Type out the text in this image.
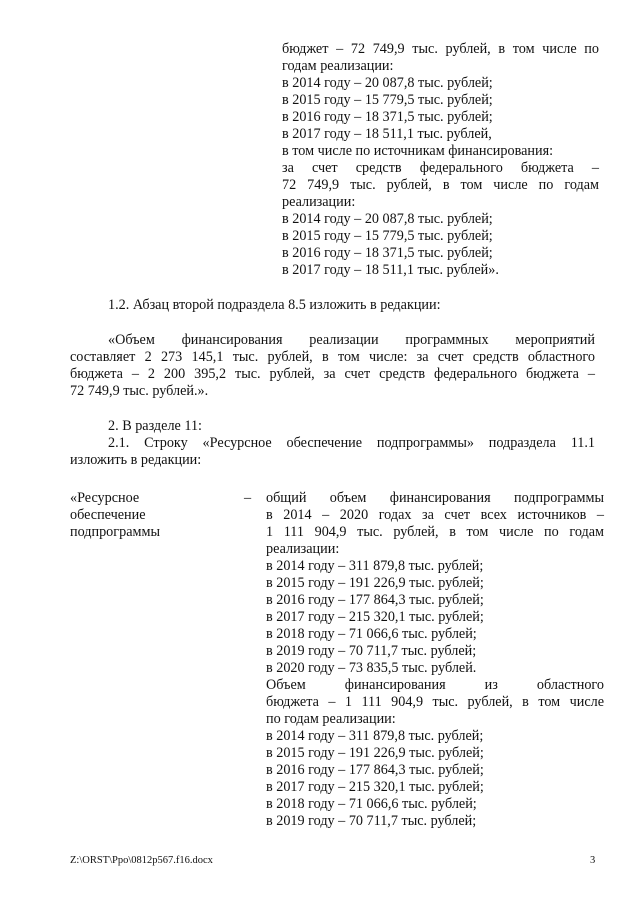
бюджет – 72 749,9 тыс. рублей, в том числе по
годам реализации:
в 2014 году – 20 087,8 тыс. рублей;
в 2015 году – 15 779,5 тыс. рублей;
в 2016 году – 18 371,5 тыс. рублей;
в 2017 году – 18 511,1 тыс. рублей,
в том числе по источникам финансирования:
за счет средств федерального бюджета –
72 749,9 тыс. рублей, в том числе по годам
реализации:
в 2014 году – 20 087,8 тыс. рублей;
в 2015 году – 15 779,5 тыс. рублей;
в 2016 году – 18 371,5 тыс. рублей;
в 2017 году – 18 511,1 тыс. рублей».
1.2. Абзац второй подраздела 8.5 изложить в редакции:
«Объем финансирования реализации программных мероприятий
составляет 2 273 145,1 тыс. рублей, в том числе: за счет средств областного
бюджета – 2 200 395,2 тыс. рублей, за счет средств федерального бюджета –
72 749,9 тыс. рублей.».
2. В разделе 11:
2.1. Строку «Ресурсное обеспечение подпрограммы» подраздела 11.1
изложить в редакции:
«Ресурсное
обеспечение
подпрограммы
– общий объем финансирования подпрограммы
в 2014 – 2020 годах за счет всех источников –
1 111 904,9 тыс. рублей, в том числе по годам
реализации:
в 2014 году – 311 879,8 тыс. рублей;
в 2015 году – 191 226,9 тыс. рублей;
в 2016 году – 177 864,3 тыс. рублей;
в 2017 году – 215 320,1 тыс. рублей;
в 2018 году – 71 066,6 тыс. рублей;
в 2019 году – 70 711,7 тыс. рублей;
в 2020 году – 73 835,5 тыс. рублей.
Объем финансирования из областного
бюджета – 1 111 904,9 тыс. рублей, в том числе
по годам реализации:
в 2014 году – 311 879,8 тыс. рублей;
в 2015 году – 191 226,9 тыс. рублей;
в 2016 году – 177 864,3 тыс. рублей;
в 2017 году – 215 320,1 тыс. рублей;
в 2018 году – 71 066,6 тыс. рублей;
в 2019 году – 70 711,7 тыс. рублей;
Z:\ORST\Ppo\0812p567.f16.docx	3
